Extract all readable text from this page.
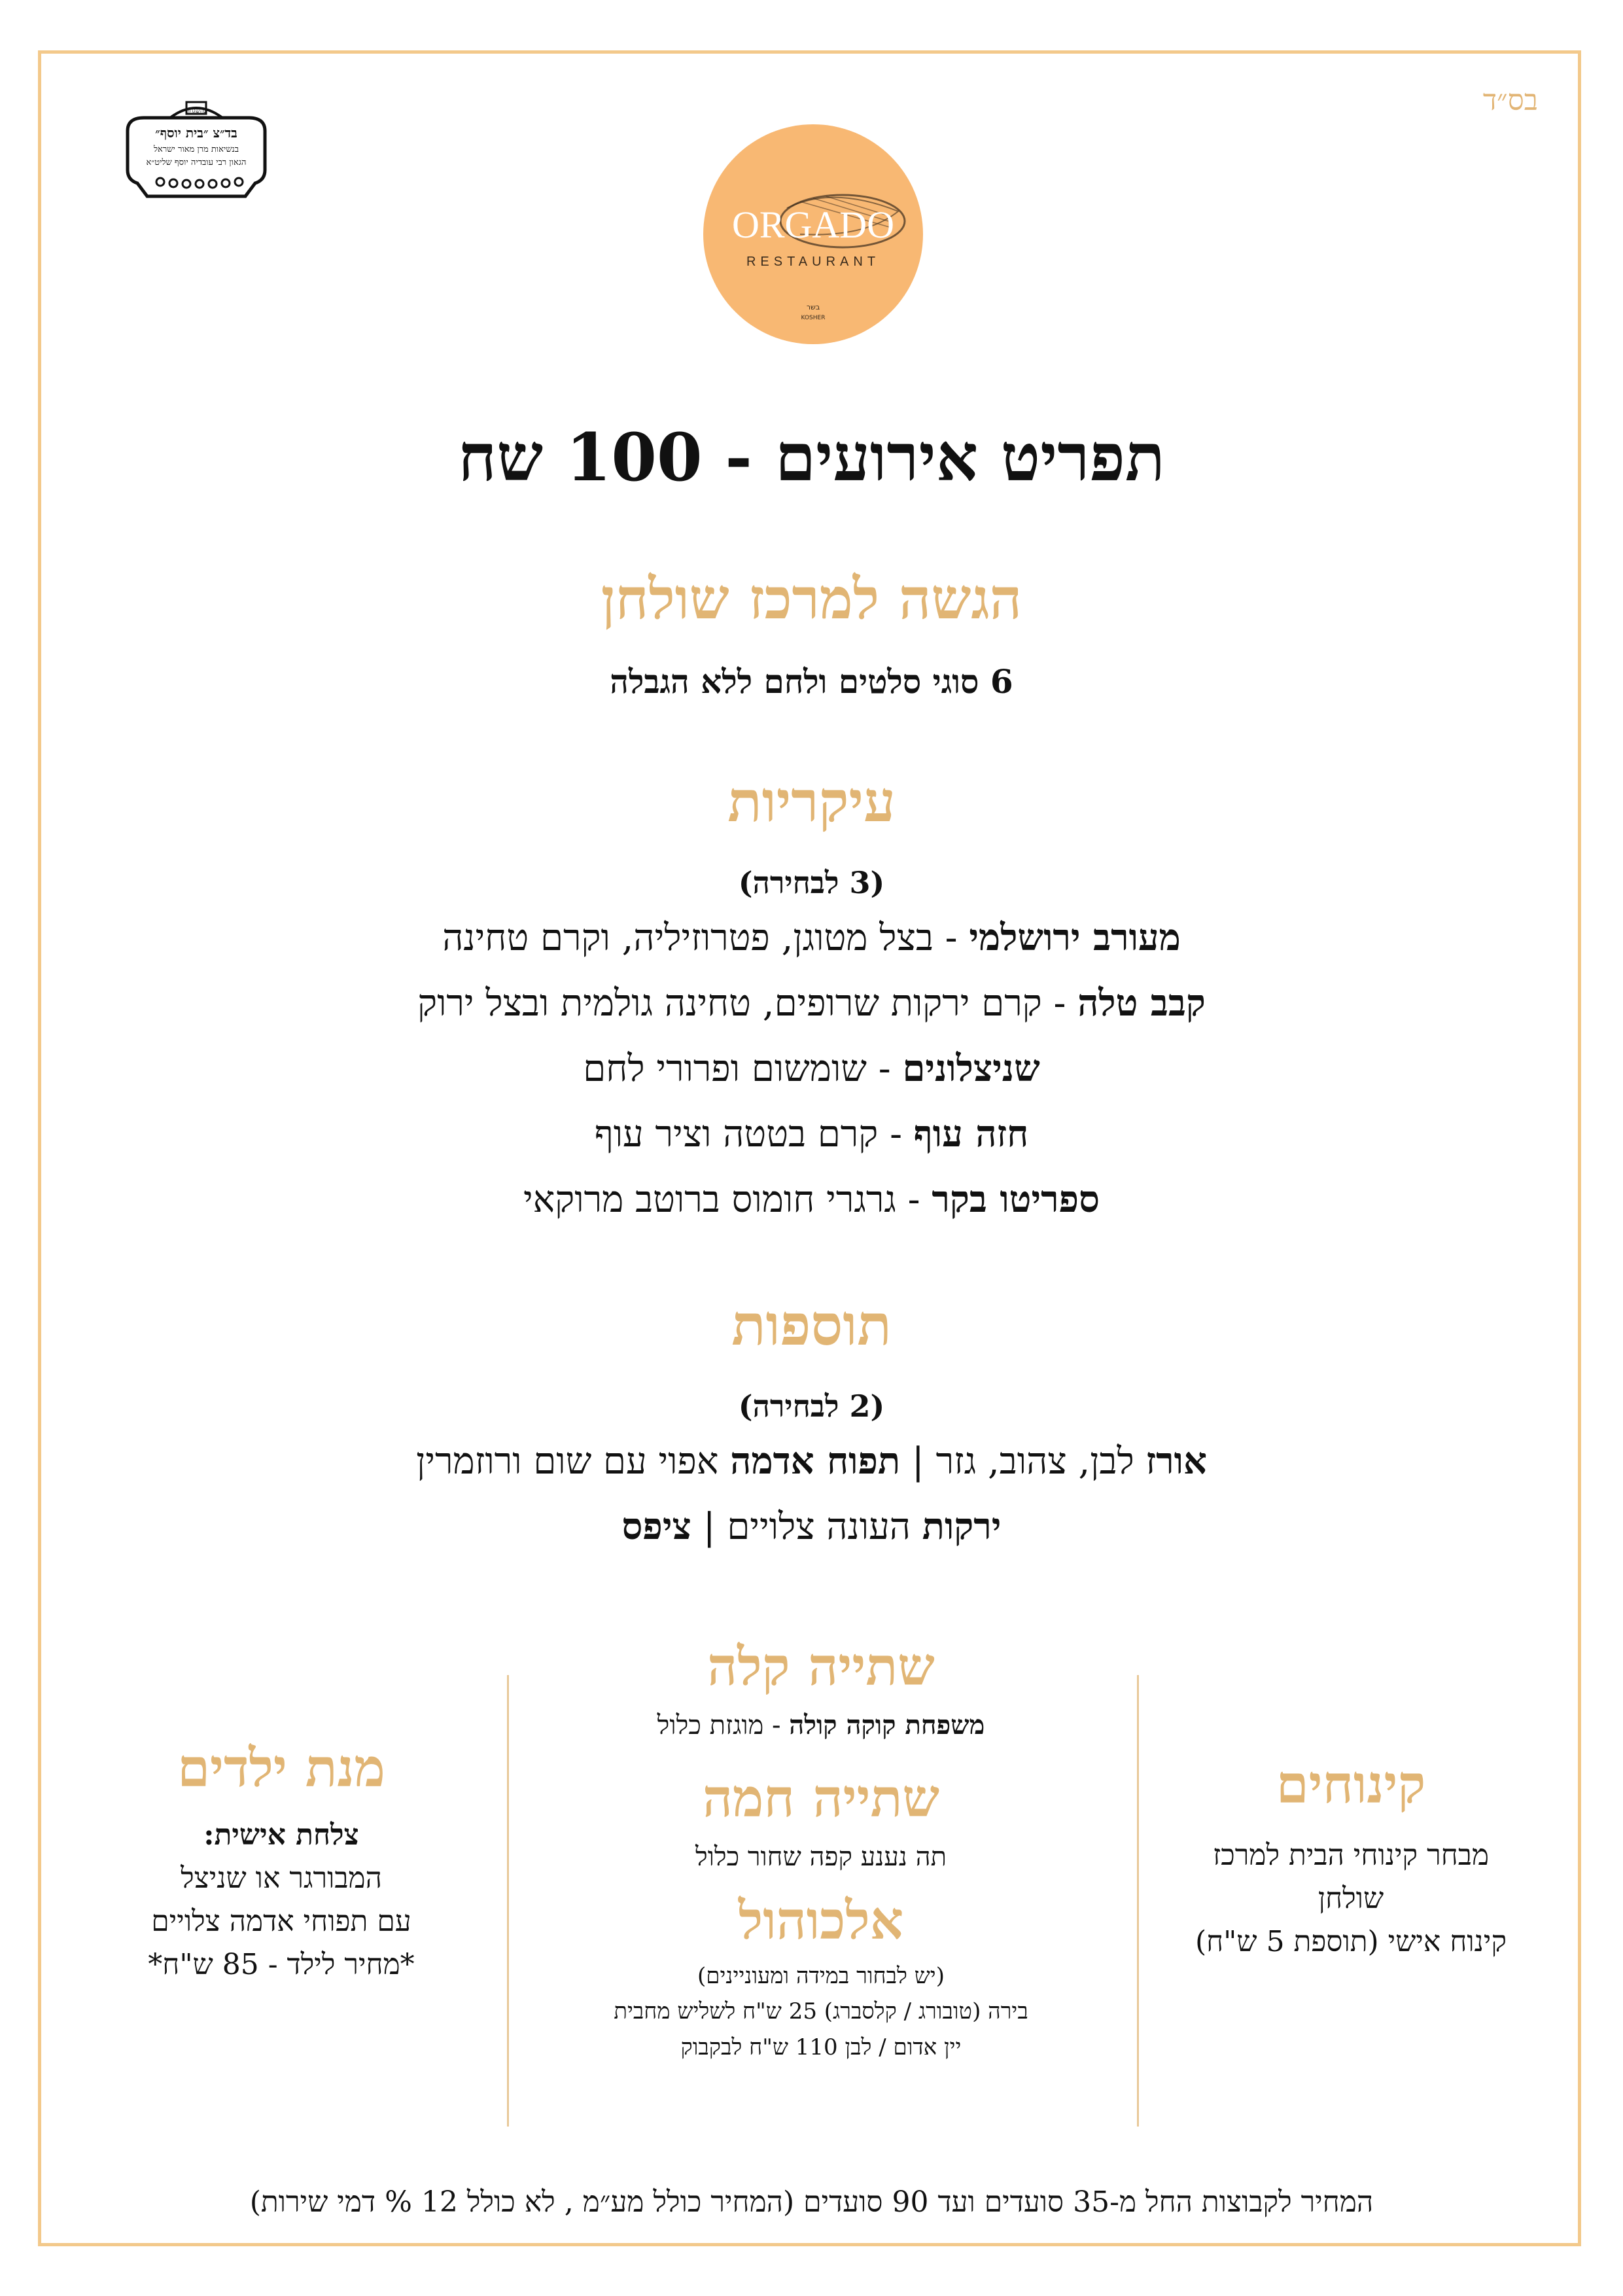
בס״ד
בהשגחת
בד״צ ״בית יוסף״
בנשיאות מרן מאור ישראל
הגאון רבי עובדיה יוסף שליט״א
ORGADO
RESTAURANT
בשר
KOSHER
תפריט אירועים - 100 שח
הגשה למרכז שולחן
6 סוגי סלטים ולחם ללא הגבלה
עיקריות
(3 לבחירה)
מעורב ירושלמי - בצל מטוגן, פטרוזיליה, וקרם טחינה
קבב טלה - קרם ירקות שרופים, טחינה גולמית ובצל ירוק
שניצלונים - שומשום ופרורי לחם
חזה עוף - קרם בטטה וציר עוף
ספריטו בקר - גרגרי חומוס ברוטב מרוקאי
תוספות
(2 לבחירה)
אורז לבן, צהוב, גזר | תפוח אדמה אפוי עם שום ורוזמרין
ירקות העונה צלויים | ציפס
קינוחים
מבחר קינוחי הבית למרכז
שולחן
קינוח אישי (תוספת 5 ש"ח)
שתייה קלה
משפחת קוקה קולה - מוגזת כלול
שתייה חמה
תה נענע קפה שחור כלול
אלכוהול
(יש לבחור במידה ומעוניינים)
בירה (טובורג / קלסברג) 25 ש"ח לשליש מחבית
יין אדום / לבן 110 ש"ח לבקבוק
מנת ילדים
צלחת אישית:
המבורגר או שניצל
עם תפוחי אדמה צלויים
*מחיר לילד - 85 ש"ח*
המחיר לקבוצות החל מ-35 סועדים ועד 90 סועדים (המחיר כולל מע״מ , לא כולל 12 % דמי שירות)
